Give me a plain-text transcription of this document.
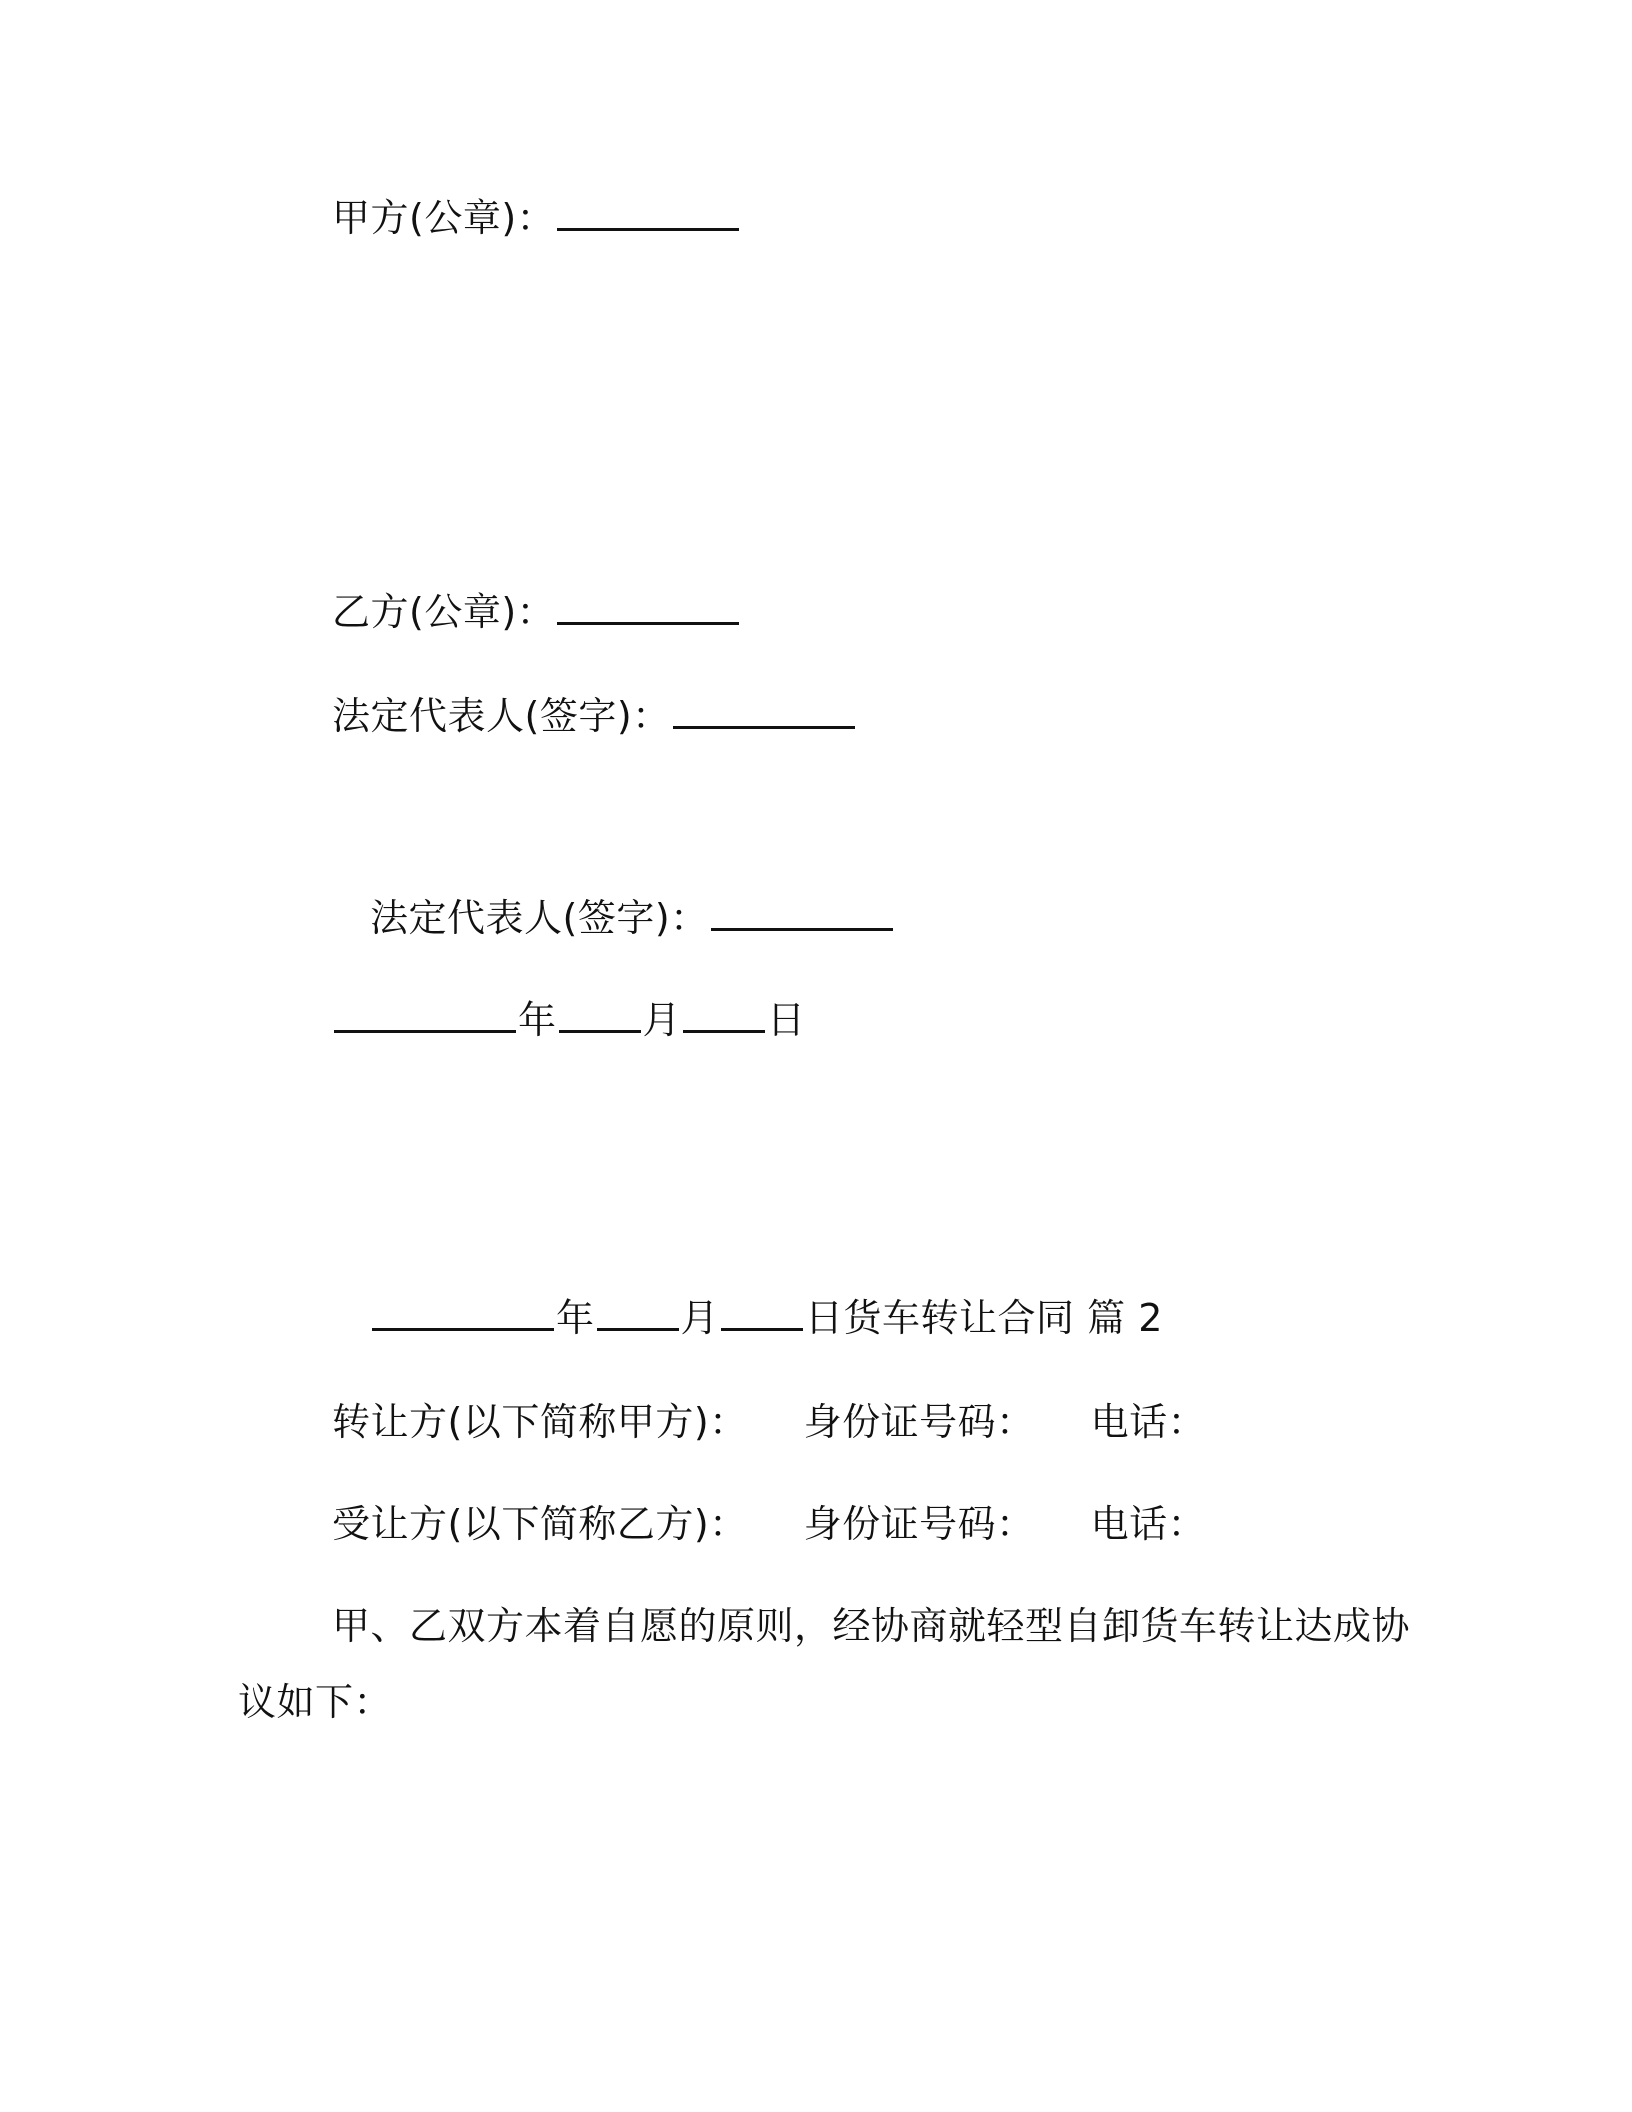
甲方(公章)：
乙方(公章)：
法定代表人(签字)：
法定代表人(签字)：
年 月 日
年 月 日货车转让合同 篇 2
转让方(以下简称甲方)： 身份证号码： 电话：
受让方(以下简称乙方)： 身份证号码： 电话：
甲、乙双方本着自愿的原则，经协商就轻型自卸货车转让达成协
议如下：
